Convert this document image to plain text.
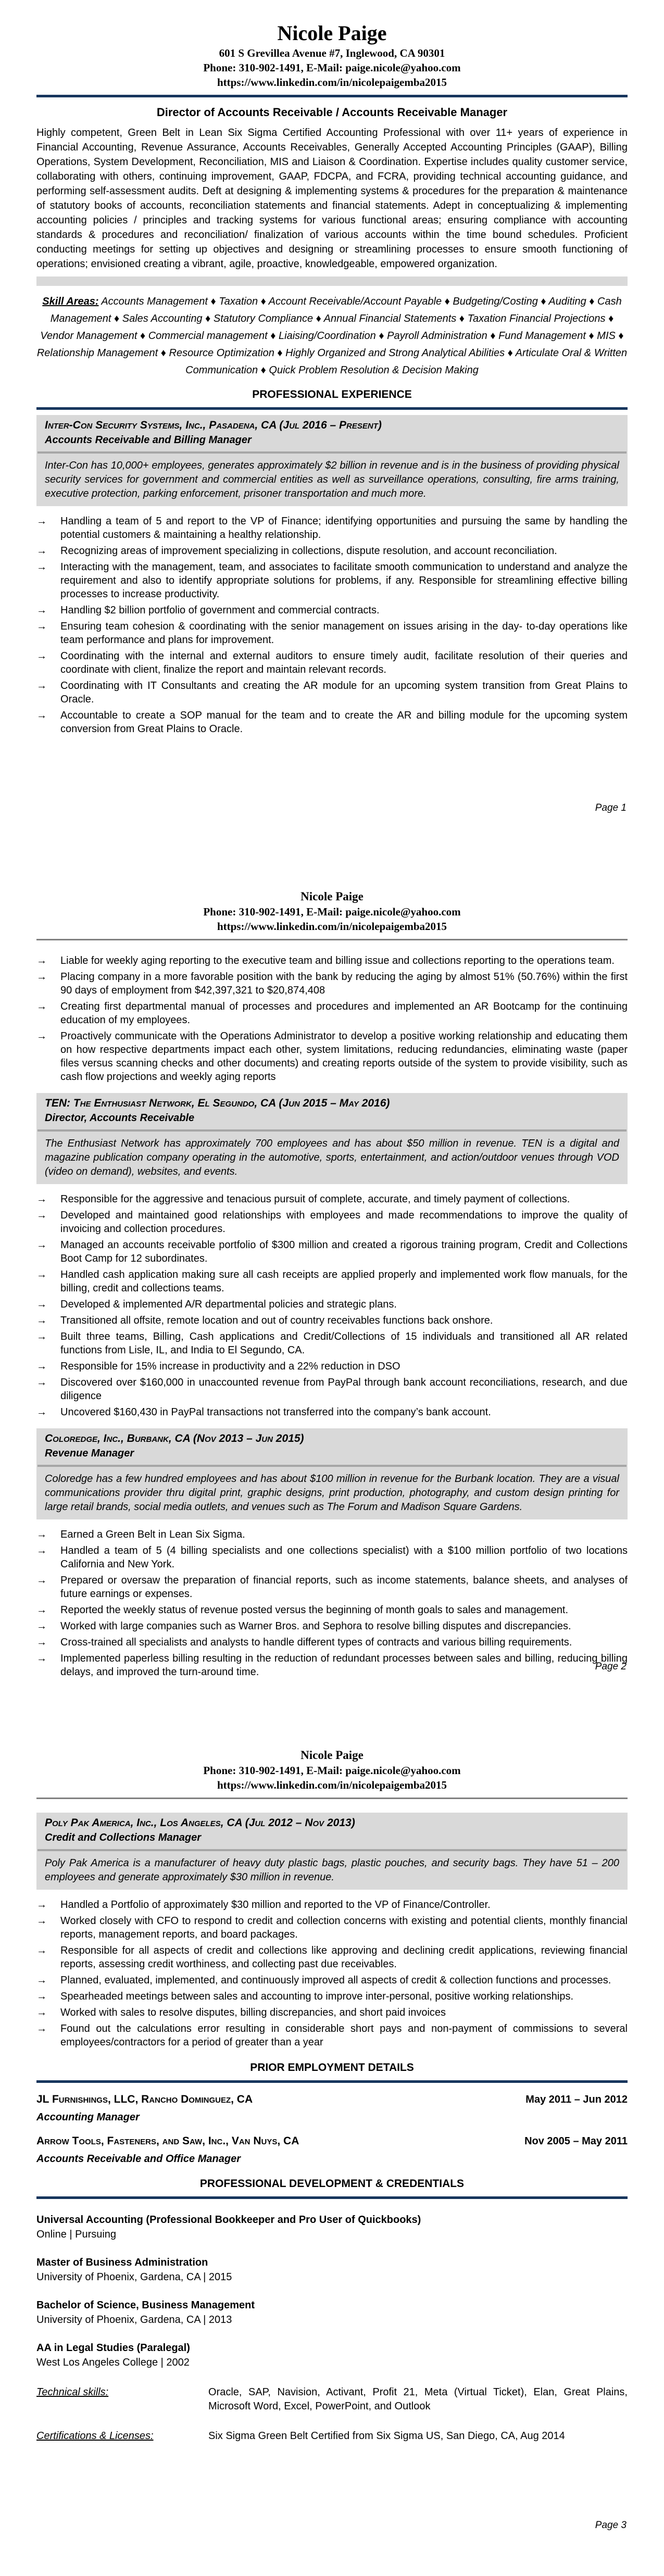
Nicole Paige
601 S Grevillea Avenue #7, Inglewood, CA 90301
Phone: 310-902-1491, E-Mail: paige.nicole@yahoo.com
https://www.linkedin.com/in/nicolepaigemba2015
Director of Accounts Receivable / Accounts Receivable Manager
Highly competent, Green Belt in Lean Six Sigma Certified Accounting Professional with over 11+ years of experience in Financial Accounting, Revenue Assurance, Accounts Receivables, Generally Accepted Accounting Principles (GAAP), Billing Operations, System Development, Reconciliation, MIS and Liaison & Coordination. Expertise includes quality customer service, collaborating with others, continuing improvement, GAAP, FDCPA, and FCRA, providing technical accounting guidance, and performing self-assessment audits. Deft at designing & implementing systems & procedures for the preparation & maintenance of statutory books of accounts, reconciliation statements and financial statements. Adept in conceptualizing & implementing accounting policies / principles and tracking systems for various functional areas; ensuring compliance with accounting standards & procedures and reconciliation/ finalization of various accounts within the time bound schedules. Proficient conducting meetings for setting up objectives and designing or streamlining processes to ensure smooth functioning of operations; envisioned creating a vibrant, agile, proactive, knowledgeable, empowered organization.
Skill Areas: Accounts Management ♦ Taxation ♦ Account Receivable/Account Payable ♦ Budgeting/Costing ♦ Auditing ♦ Cash Management ♦ Sales Accounting ♦ Statutory Compliance ♦ Annual Financial Statements ♦ Taxation Financial Projections ♦ Vendor Management ♦ Commercial management ♦ Liaising/Coordination ♦ Payroll Administration ♦ Fund Management ♦ MIS ♦ Relationship Management ♦ Resource Optimization ♦ Highly Organized and Strong Analytical Abilities ♦ Articulate Oral & Written Communication ♦ Quick Problem Resolution & Decision Making
PROFESSIONAL EXPERIENCE
Inter-Con Security Systems, Inc., Pasadena, CA (Jul 2016 – Present)
Accounts Receivable and Billing Manager
Inter-Con has 10,000+ employees, generates approximately $2 billion in revenue and is in the business of providing physical security services for government and commercial entities as well as surveillance operations, consulting, fire arms training, executive protection, parking enforcement, prisoner transportation and much more.
→	Handling a team of 5 and report to the VP of Finance; identifying opportunities and pursuing the same by handling the potential customers & maintaining a healthy relationship.
→	Recognizing areas of improvement specializing in collections, dispute resolution, and account reconciliation.
→	Interacting with the management, team, and associates to facilitate smooth communication to understand and analyze the requirement and also to identify appropriate solutions for problems, if any. Responsible for streamlining effective billing processes to increase productivity.
→	Handling $2 billion portfolio of government and commercial contracts.
→	Ensuring team cohesion & coordinating with the senior management on issues arising in the day- to-day operations like team performance and plans for improvement.
→	Coordinating with the internal and external auditors to ensure timely audit, facilitate resolution of their queries and coordinate with client, finalize the report and maintain relevant records.
→	Coordinating with IT Consultants and creating the AR module for an upcoming system transition from Great Plains to Oracle.
→	Accountable to create a SOP manual for the team and to create the AR and billing module for the upcoming system conversion from Great Plains to Oracle.
Page 1
Nicole Paige
Phone: 310-902-1491, E-Mail: paige.nicole@yahoo.com
https://www.linkedin.com/in/nicolepaigemba2015
→	Liable for weekly aging reporting to the executive team and billing issue and collections reporting to the operations team.
→	Placing company in a more favorable position with the bank by reducing the aging by almost 51% (50.76%) within the first 90 days of employment from $42,397,321 to $20,874,408
→	Creating first departmental manual of processes and procedures and implemented an AR Bootcamp for the continuing education of my employees.
→	Proactively communicate with the Operations Administrator to develop a positive working relationship and educating them on how respective departments impact each other, system limitations, reducing redundancies, eliminating waste (paper files versus scanning checks and other documents) and creating reports outside of the system to provide visibility, such as cash flow projections and weekly aging reports
TEN: The Enthusiast Network, El Segundo, CA (Jun 2015 – May 2016)
Director, Accounts Receivable
The Enthusiast Network has approximately 700 employees and has about $50 million in revenue. TEN is a digital and magazine publication company operating in the automotive, sports, entertainment, and action/outdoor venues through VOD (video on demand), websites, and events.
→	Responsible for the aggressive and tenacious pursuit of complete, accurate, and timely payment of collections.
→	Developed and maintained good relationships with employees and made recommendations to improve the quality of invoicing and collection procedures.
→	Managed an accounts receivable portfolio of $300 million and created a rigorous training program, Credit and Collections Boot Camp for 12 subordinates.
→	Handled cash application making sure all cash receipts are applied properly and implemented work flow manuals, for the billing, credit and collections teams.
→	Developed & implemented A/R departmental policies and strategic plans.
→	Transitioned all offsite, remote location and out of country receivables functions back onshore.
→	Built three teams, Billing, Cash applications and Credit/Collections of 15 individuals and transitioned all AR related functions from Lisle, IL, and India to El Segundo, CA.
→	Responsible for 15% increase in productivity and a 22% reduction in DSO
→	Discovered over $160,000 in unaccounted revenue from PayPal through bank account reconciliations, research, and due diligence
→	Uncovered $160,430 in PayPal transactions not transferred into the company’s bank account.
Coloredge, Inc., Burbank, CA (Nov 2013 – Jun 2015)
Revenue Manager
Coloredge has a few hundred employees and has about $100 million in revenue for the Burbank location. They are a visual communications provider thru digital print, graphic designs, print production, photography, and custom design printing for large retail brands, social media outlets, and venues such as The Forum and Madison Square Gardens.
→	Earned a Green Belt in Lean Six Sigma.
→	Handled a team of 5 (4 billing specialists and one collections specialist) with a $100 million portfolio of two locations California and New York.
→	Prepared or oversaw the preparation of financial reports, such as income statements, balance sheets, and analyses of future earnings or expenses.
→	Reported the weekly status of revenue posted versus the beginning of month goals to sales and management.
→	Worked with large companies such as Warner Bros. and Sephora to resolve billing disputes and discrepancies.
→	Cross-trained all specialists and analysts to handle different types of contracts and various billing requirements.
→	Implemented paperless billing resulting in the reduction of redundant processes between sales and billing, reducing billing delays, and improved the turn-around time.	Page 2
Nicole Paige
Phone: 310-902-1491, E-Mail: paige.nicole@yahoo.com
https://www.linkedin.com/in/nicolepaigemba2015
Poly Pak America, Inc., Los Angeles, CA (Jul 2012 – Nov 2013)
Credit and Collections Manager
Poly Pak America is a manufacturer of heavy duty plastic bags, plastic pouches, and security bags. They have 51 – 200 employees and generate approximately $30 million in revenue.
→	Handled a Portfolio of approximately $30 million and reported to the VP of Finance/Controller.
→	Worked closely with CFO to respond to credit and collection concerns with existing and potential clients, monthly financial reports, management reports, and board packages.
→	Responsible for all aspects of credit and collections like approving and declining credit applications, reviewing financial reports, assessing credit worthiness, and collecting past due receivables.
→	Planned, evaluated, implemented, and continuously improved all aspects of credit & collection functions and processes.
→	Spearheaded meetings between sales and accounting to improve inter-personal, positive working relationships.
→	Worked with sales to resolve disputes, billing discrepancies, and short paid invoices
→	Found out the calculations error resulting in considerable short pays and non-payment of commissions to several employees/contractors for a period of greater than a year
PRIOR EMPLOYMENT DETAILS
JL Furnishings, LLC, Rancho Dominguez, CA	May 2011 – Jun 2012
Accounting Manager
Arrow Tools, Fasteners, and Saw, Inc., Van Nuys, CA	Nov 2005 – May 2011
Accounts Receivable and Office Manager
PROFESSIONAL DEVELOPMENT & CREDENTIALS
Universal Accounting (Professional Bookkeeper and Pro User of Quickbooks)
Online | Pursuing
Master of Business Administration
University of Phoenix, Gardena, CA | 2015
Bachelor of Science, Business Management
University of Phoenix, Gardena, CA | 2013
AA in Legal Studies (Paralegal)
West Los Angeles College | 2002
Technical skills:	Oracle, SAP, Navision, Activant, Profit 21, Meta (Virtual Ticket), Elan, Great Plains, Microsoft Word, Excel, PowerPoint, and Outlook
Certifications & Licenses:	Six Sigma Green Belt Certified from Six Sigma US, San Diego, CA, Aug 2014
Page 3
